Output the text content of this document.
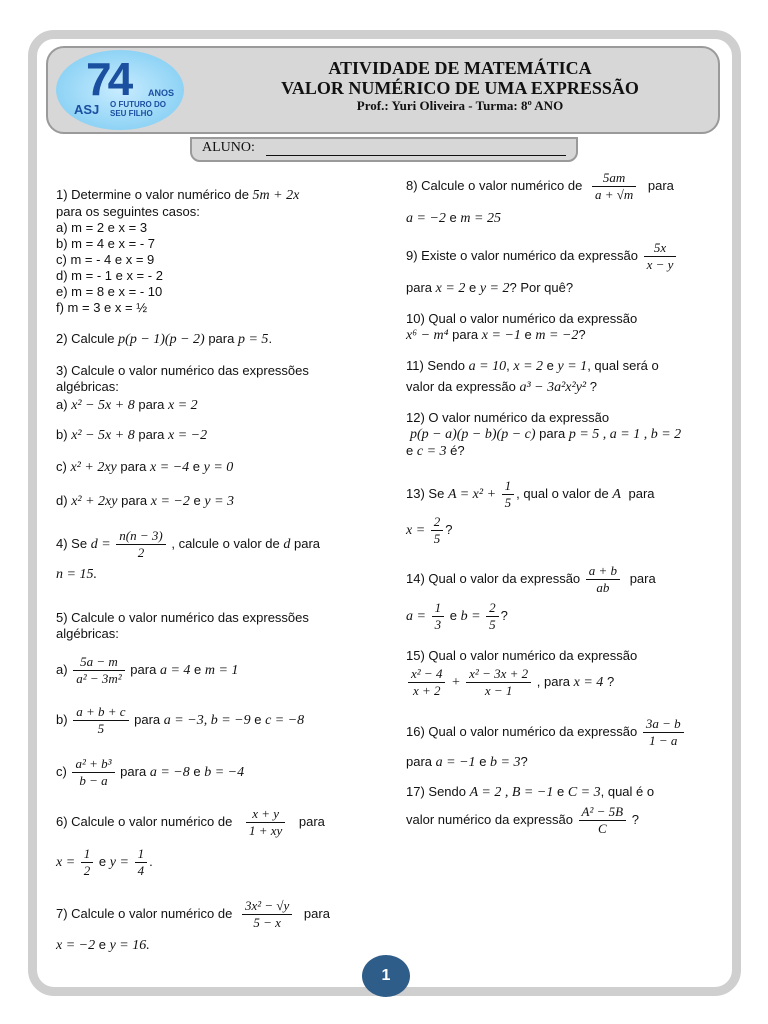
74 ANOS
ASJ O FUTURO DO SEU FILHO
ATIVIDADE DE MATEMÁTICA
VALOR NUMÉRICO DE UMA EXPRESSÃO
Prof.: Yuri Oliveira - Turma: 8º ANO
ALUNO:
1) Determine o valor numérico de 5m + 2x
para os seguintes casos:
a) m = 2 e x = 3
b) m = 4 e x = - 7
c) m = - 4 e x = 9
d) m = - 1 e x = - 2
e) m = 8 e x = - 10
f) m = 3 e x = ½
2) Calcule p(p − 1)(p − 2) para p = 5.
3) Calcule o valor numérico das expressões
algébricas:
a) x² − 5x + 8 para x = 2
b) x² − 5x + 8 para x = −2
c) x² + 2xy para x = −4 e y = 0
d) x² + 2xy para x = −2 e y = 3
4) Se $d = \frac{n(n - 3)}{2}$ , calcule o valor de d para
n = 15.
5) Calcule o valor numérico das expressões
algébricas:
$a) \frac{5a - m}{\text{a² − 3m²}}$ para a = 4 e m = 1
$b) \frac{a + b + c}{5}$ para a = −3, b = −9 e c = −8
$c) \frac{\text{a² + b³}}{b - a}$ para a = −8 e b = −4
6) Calcule o valor numérico de $\frac{x + y}{1 + xy}$ para
$x = \frac{1}{2}$ e $y = \frac{1}{4}$ .
7) Calcule o valor numérico de $\frac{\text{3x² − √y}}{5 - x}$ para
x = −2 e y = 16.
8) Calcule o valor numérico de $\frac{5am}{a + √m}$ para
a = −2 e m = 25
9) Existe o valor numérico da expressão $\frac{5x}{x - y}$
para x = 2 e y = 2? Por quê?
10) Qual o valor numérico da expressão
x⁶ − m⁴ para x = −1 e m = −2?
11) Sendo a = 10, x = 2 e y = 1, qual será o
valor da expressão a³ − 3a²x²y² ?
12) O valor numérico da expressão
p(p − a)(p − b)(p − c) para p = 5 , a = 1 , b = 2
e c = 3 é?
13) Se $A = x^2 + \frac{1}{5}$ , qual o valor de A para
$x = \frac{2}{5}$ ?
14) Qual o valor da expressão $\frac{a + b}{ab}$ para
$a = \frac{1}{3}$ e $b = \frac{2}{5}$ ?
15) Qual o valor numérico da expressão
$\frac{\text{x² − 4}}{x + 2} + \frac{\text{x² − 3x + 2}}{x - 1}$ , para x = 4 ?
16) Qual o valor numérico da expressão $\frac{3a - b}{1 - a}$
para a = −1 e b = 3?
17) Sendo A = 2 , B = −1 e C = 3, qual é o
valor numérico da expressão $\frac{\text{A² − 5B}}{C}$ ?
1
